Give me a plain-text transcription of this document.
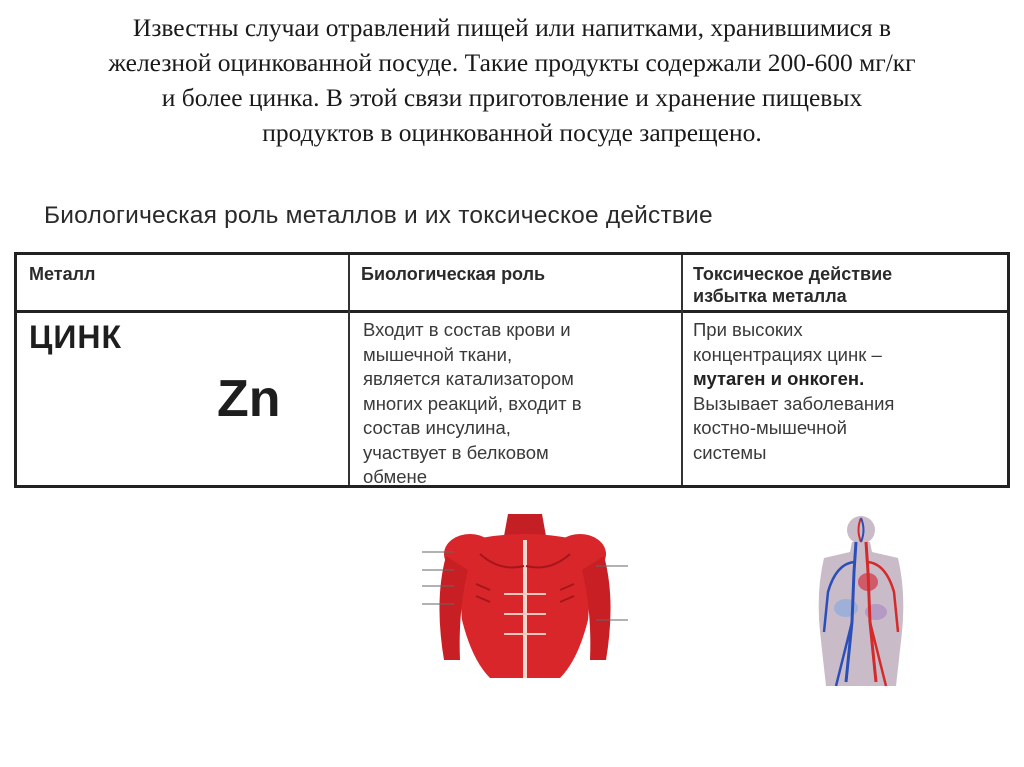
Известны случаи отравлений пищей или напитками, хранившимися в
железной оцинкованной посуде. Такие продукты содержали 200-600 мг/кг
и более цинка. В этой связи приготовление и хранение пищевых
продуктов в оцинкованной посуде запрещено.
Биологическая роль металлов и их токсическое действие
Металл	Биологическая роль	Токсическое действие
избытка металла
ЦИНК
Zn
Входит в состав крови и
мышечной ткани,
является катализатором
многих реакций, входит в
состав инсулина,
участвует в белковом
обмене
При высоких
концентрациях цинк –
мутаген и онкоген.
Вызывает заболевания
костно-мышечной
системы
